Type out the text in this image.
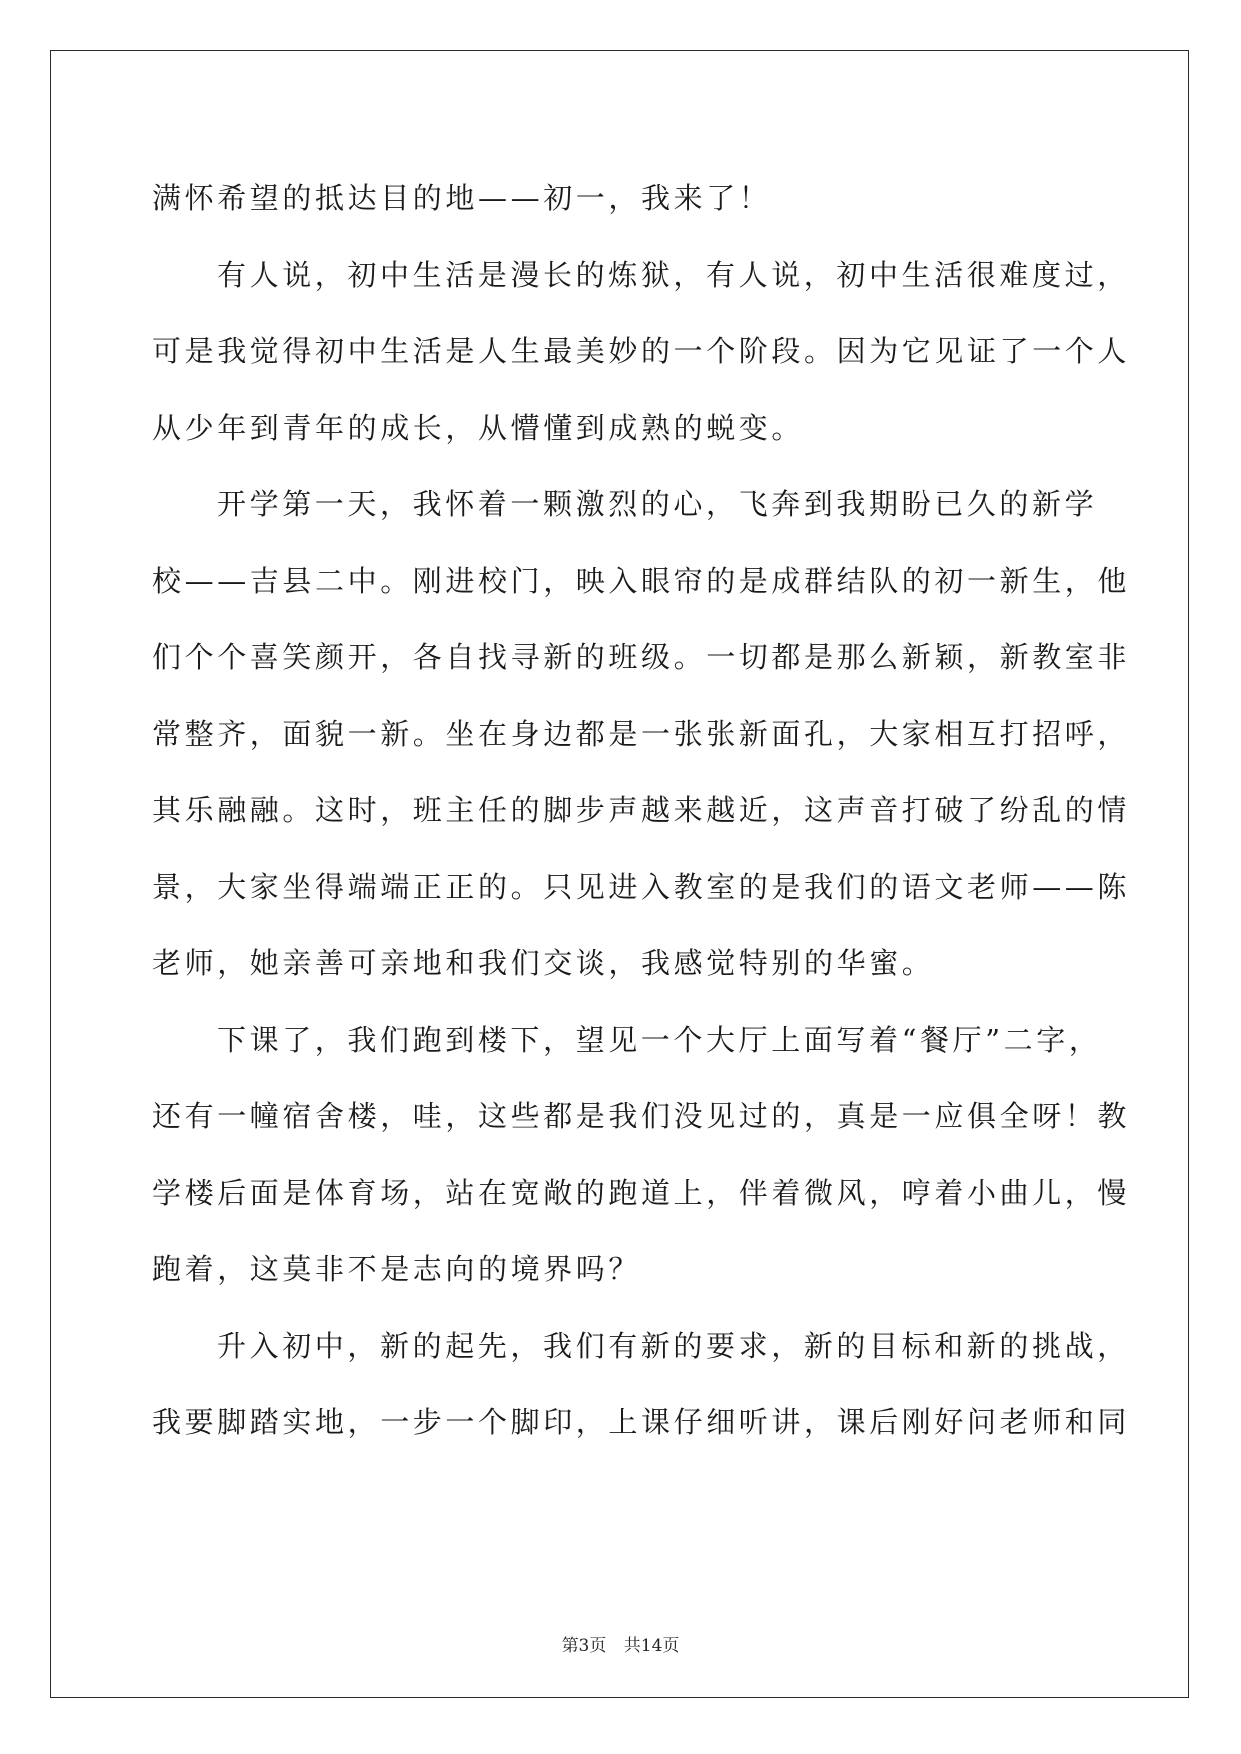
满怀希望的抵达目的地——初一，我来了！
有人说，初中生活是漫长的炼狱，有人说，初中生活很难度过，
可是我觉得初中生活是人生最美妙的一个阶段。因为它见证了一个人
从少年到青年的成长，从懵懂到成熟的蜕变。
开学第一天，我怀着一颗激烈的心，飞奔到我期盼已久的新学
校——吉县二中。刚进校门，映入眼帘的是成群结队的初一新生，他
们个个喜笑颜开，各自找寻新的班级。一切都是那么新颖，新教室非
常整齐，面貌一新。坐在身边都是一张张新面孔，大家相互打招呼，
其乐融融。这时，班主任的脚步声越来越近，这声音打破了纷乱的情
景，大家坐得端端正正的。只见进入教室的是我们的语文老师——陈
老师，她亲善可亲地和我们交谈，我感觉特别的华蜜。
下课了，我们跑到楼下，望见一个大厅上面写着“餐厅”二字，
还有一幢宿舍楼，哇，这些都是我们没见过的，真是一应俱全呀！教
学楼后面是体育场，站在宽敞的跑道上，伴着微风，哼着小曲儿，慢
跑着，这莫非不是志向的境界吗？
升入初中，新的起先，我们有新的要求，新的目标和新的挑战，
我要脚踏实地，一步一个脚印，上课仔细听讲，课后刚好问老师和同
第3页 共14页
